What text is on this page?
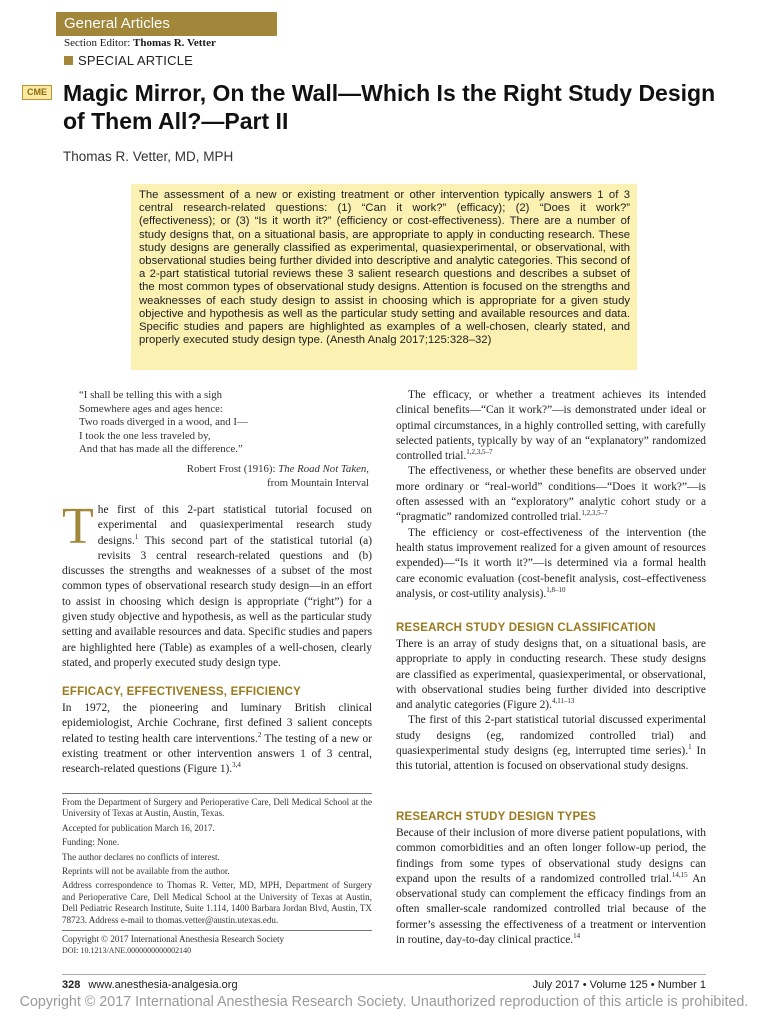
General Articles
Section Editor: Thomas R. Vetter
SPECIAL ARTICLE
CME Magic Mirror, On the Wall—Which Is the Right Study Design of Them All?—Part II
Thomas R. Vetter, MD, MPH

The assessment of a new or existing treatment or other intervention typically answers 1 of 3 central research-related questions: (1) “Can it work?” (efficacy); (2) “Does it work?” (effectiveness); or (3) “Is it worth it?” (efficiency or cost-effectiveness). There are a number of study designs that, on a situational basis, are appropriate to apply in conducting research. These study designs are generally classified as experimental, quasiexperimental, or observational, with observational studies being further divided into descriptive and analytic categories. This second of a 2-part statistical tutorial reviews these 3 salient research questions and describes a subset of the most common types of observational study designs. Attention is focused on the strengths and weaknesses of each study design to assist in choosing which is appropriate for a given study objective and hypothesis as well as the particular study setting and available resources and data. Specific studies and papers are highlighted as examples of a well-chosen, clearly stated, and properly executed study design type. (Anesth Analg 2017;125:328–32)

“I shall be telling this with a sigh
Somewhere ages and ages hence:
Two roads diverged in a wood, and I—
I took the one less traveled by,
And that has made all the difference.”
Robert Frost (1916): The Road Not Taken,
from Mountain Interval

The first of this 2-part statistical tutorial focused on experimental and quasiexperimental research study designs.$^1$ This second part of the statistical tutorial (a) revisits 3 central research-related questions and (b) discusses the strengths and weaknesses of a subset of the most common types of observational research study design—in an effort to assist in choosing which design is appropriate (“right”) for a given study objective and hypothesis, as well as the particular study setting and available resources and data. Specific studies and papers are highlighted here (Table) as examples of a well-chosen, clearly stated, and properly executed study design type.

EFFICACY, EFFECTIVENESS, EFFICIENCY

In 1972, the pioneering and luminary British clinical epidemiologist, Archie Cochrane, first defined 3 salient concepts related to testing health care interventions.$^2$ The testing of a new or existing treatment or other intervention answers 1 of 3 central, research-related questions (Figure 1).$^{3,4}$

From the Department of Surgery and Perioperative Care, Dell Medical School at the University of Texas at Austin, Austin, Texas.
Accepted for publication March 16, 2017.
Funding: None.
The author declares no conflicts of interest.
Reprints will not be available from the author.
Address correspondence to Thomas R. Vetter, MD, MPH, Department of Surgery and Perioperative Care, Dell Medical School at the University of Texas at Austin, Dell Pediatric Research Institute, Suite 1.114, 1400 Barbara Jordan Blvd, Austin, TX 78723. Address e-mail to thomas.vetter@austin.utexas.edu.
Copyright © 2017 International Anesthesia Research Society
DOI: 10.1213/ANE.0000000000002140

The efficacy, or whether a treatment achieves its intended clinical benefits—“Can it work?”—is demonstrated under ideal or optimal circumstances, in a highly controlled setting, with carefully selected patients, typically by way of an “explanatory” randomized controlled trial.$^{1,2,3,5-7}$

The effectiveness, or whether these benefits are observed under more ordinary or “real-world” conditions—“Does it work?”—is often assessed with an “exploratory” analytic cohort study or a “pragmatic” randomized controlled trial.$^{1,2,3,5-7}$

The efficiency or cost-effectiveness of the intervention (the health status improvement realized for a given amount of resources expended)—“Is it worth it?”—is determined via a formal health care economic evaluation (cost-benefit analysis, cost–effectiveness analysis, or cost-utility analysis).$^{1,8-10}$

RESEARCH STUDY DESIGN CLASSIFICATION

There is an array of study designs that, on a situational basis, are appropriate to apply in conducting research. These study designs are classified as experimental, quasiexperimental, or observational, with observational studies being further divided into descriptive and analytic categories (Figure 2).$^{4,11-13}$

The first of this 2-part statistical tutorial discussed experimental study designs (eg, randomized controlled trial) and quasiexperimental study designs (eg, interrupted time series).$^1$ In this tutorial, attention is focused on observational study designs.

RESEARCH STUDY DESIGN TYPES

Because of their inclusion of more diverse patient populations, with common comorbidities and an often longer follow-up period, the findings from some types of observational study designs can expand upon the results of a randomized controlled trial.$^{14,15}$ An observational study can complement the efficacy findings from an often smaller-scale randomized controlled trial because of the former’s assessing the effectiveness of a treatment or intervention in routine, day-to-day clinical practice.$^{14}$

328 www.anesthesia-analgesia.org	July 2017 • Volume 125 • Number 1
Copyright © 2017 International Anesthesia Research Society. Unauthorized reproduction of this article is prohibited.
